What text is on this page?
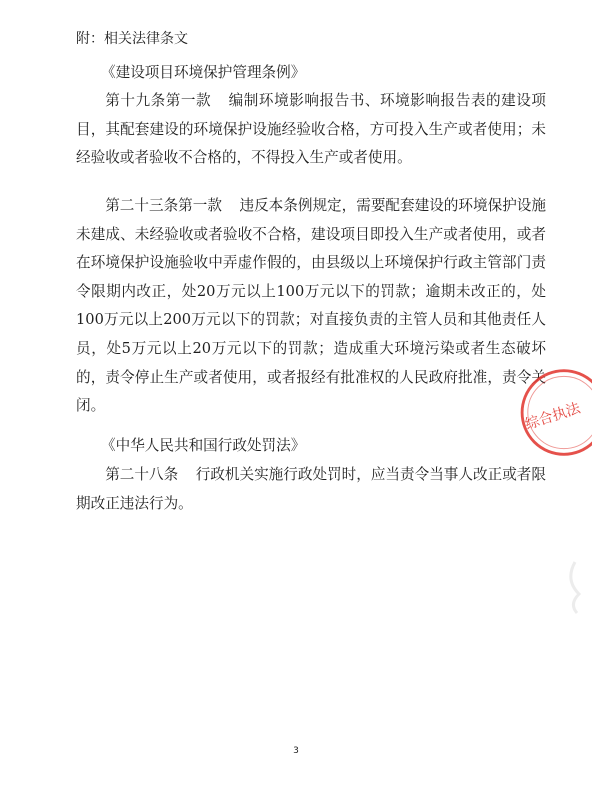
附：相关法律条文
《建设项目环境保护管理条例》

第十九条第一款 编制环境影响报告书、环境影响报告表的建设项目，其配套建设的环境保护设施经验收合格，方可投入生产或者使用；未经验收或者验收不合格的，不得投入生产或者使用。

第二十三条第一款 违反本条例规定，需要配套建设的环境保护设施未建成、未经验收或者验收不合格，建设项目即投入生产或者使用，或者在环境保护设施验收中弄虚作假的，由县级以上环境保护行政主管部门责令限期内改正，处20万元以上100万元以下的罚款；逾期未改正的，处100万元以上200万元以下的罚款；对直接负责的主管人员和其他责任人员，处5万元以上20万元以下的罚款；造成重大环境污染或者生态破坏的，责令停止生产或者使用，或者报经有批准权的人民政府批准，责令关闭。

《中华人民共和国行政处罚法》

第二十八条 行政机关实施行政处罚时，应当责令当事人改正或者限期改正违法行为。

综合执法
3
